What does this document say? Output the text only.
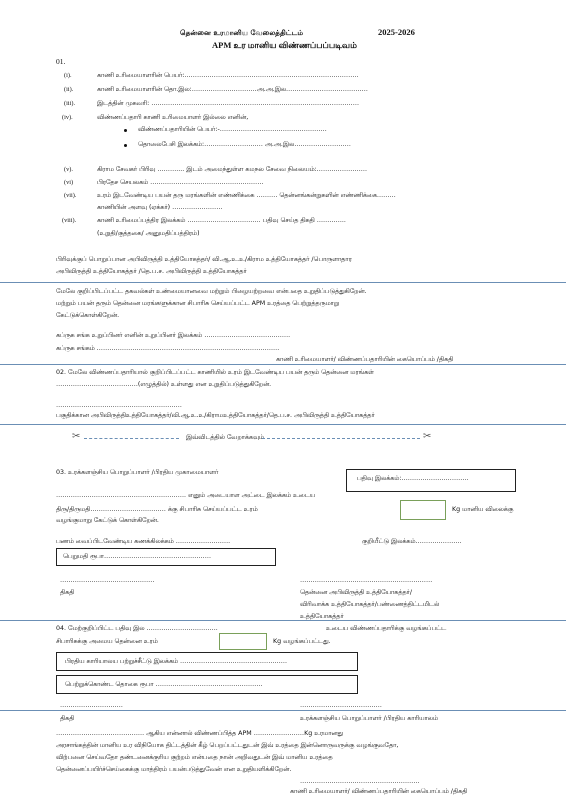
தென்னை உரமானிய வேலைத்திட்டம்	2025-2026
APM உர மானிய விண்ணப்பப்படிவம்
01.
(i).	காணி உரிமையாளரின் பெயர்:………………………………………………………………………..
(ii).	காணி உரிமையாளரின் தொ.இல:…………….……………அ.அ.இல…………………………………
(iii).	இடத்தின் முகவரி: ………………………………………………………………………………………
(iv).	விண்ணப்பதாரி காணி உரிமையாளர் இல்லை எனின்,
விண்ணப்பதாரியின் பெயர்:-……………………………………………
தொலைபேசி இலக்கம்:………………………. அ.அ.இல………………………
(v).	கிராம சேவகர் பிரிவு ……….... இடம் அமைந்துள்ள கமநல சேவை நிலையம்:……………………
(vi)	பிரதேச செயலகம் ………………………………………………
(vii).	உரம் இடவேண்டிய பயன் தரு மரங்களின் எண்ணிக்கை ………. தென்னங்கன்றுகளின் எண்ணிக்கை………
காணியின் அளவு (ஏக்கர்) ……………………
(viii).	காணி உரிமைப்பத்திர இலக்கம் …………………………….. பதிவு செய்த திகதி …………..
(உறுதி/குத்தகை/ அனுமதிப்பத்திரம்)
பிரிவுக்குப் பொறுப்பான அபிவிருத்தி உத்தியோகத்தர்/ வி.ஆ.உ.உ/கிராம உத்தியோகத்தர் /பொருளாதார
அபிவிருத்தி உத்தியோகத்தர் /தெ.ப.ச. அபிவிருத்தி உத்தியோகத்தர்
மேலே குறிப்பிடப்பட்ட தகவல்கள் உண்மையானவை மற்றும் பிழையற்றவை என்பதை உறுதிப்படுத்துகிறேன்.
மற்றும் பயன் தரும் தென்னை மரங்களுக்கான சிபாரிசு செய்யப்பட்ட APM உரத்தை பெற்றுத்தருமாறு
கேட்டுக்கொள்கிறேன்.
கப்ருக சங்க உறுப்பினர் எனின் உறுப்பினர் இலக்கம் …………………………………..
கப்ருக சங்கம் ……………………………………………………………………………
காணி உரிமையாளர்/ விண்ணப்பதாரியின் கையொப்பம் /திகதி
02. மேலே விண்ணப்பதாரியால் குறிப்பிடப்பட்ட காணியில் உரம் இடவேண்டிய பயன் தரும் தென்னை மரங்கள்
…………………………………(எழுத்தில்) உள்ளது என உறுதிப்படுத்துகிறேன்.
……………………………………………………
பகுதிக்கான அபிவிருத்திஉத்தியோகத்தர்/வி.ஆ.உ.உ/கிராமஉத்தியோகத்தர்/தெ.ப.ச. அபிவிருத்தி உத்தியோகத்தர்
✂	இவ்விடத்தில் வேறாக்கவும்	✂
03. உரக்களஞ்சிய பொறுப்பாளர் /பிரதிய முகாமையாளர்
பதிவு இலக்கம்:…………………………..
…………………………………………………….. எனும் அடையாள அட்டை இலக்கம் உடைய
திரு/திருமதி……………………………… க்கு சிபாரிசு செய்யப்பட்ட உரம்	Kg மானிய விலைக்கு
வழங்குமாறு கேட்டுக் கொள்கிறேன்.
பணம் வைப்பிடவேண்டிய கணக்கிலக்கம் ……………………..	குறியீட்டு இலக்கம்………………….
பெறுமதி ரூபா……………………………………………
………………………………………	………………………………………………………
திகதி	தென்னை அபிவிருத்தி உத்தியோகத்தர்/
விரிவாக்க உத்தியோகத்தர்/பண்ணைத்திட்டமிடல்
உத்தியோகத்தர்
04. மேற்குறிப்பிட்ட பதிவு இல …………………………….	உடைய விண்ணப்பதாரிக்கு வழங்கப்பட்ட
சிபாரிசுக்கு அமைய தென்னை உரம்	Kg வழங்கப்பட்டது.
பிரதிய காரியாலய பற்றுச்சீட்டு இலக்கம் ……………………………………………
பெற்றுக்கொண்ட தொகை ரூபா ……………………………………………
…………………………	…………………………………
திகதி	உரக்களஞ்சிய பொறுப்பாளர் /பிரதிய காரியாலம்
…………………………………… ஆகிய என்னால் விண்ணப்பித்த APM ……………………Kg உரமானது
அரசாங்கத்தின் மானிய உர விநியோக திட்டத்தின் கீழ் பெறப்பட்டதுடன் இவ் உரத்தை இன்னொருவருக்கு வழங்குவதோ,
விற்பனை செய்வதோ தண்டனைக்குரிய குற்றம் என்பதை நான் அறிவதுடன் இவ் மானிய உரத்தை
தென்னைப்பயிர்ச்செய்கைக்கு மாத்திரம் பயன்படுத்துவேன் என உறுதியளிக்கிறேன்.
…………………………………………………
காணி உரிமையாளர்/ விண்ணப்பதாரியின் கையொப்பம் /திகதி
